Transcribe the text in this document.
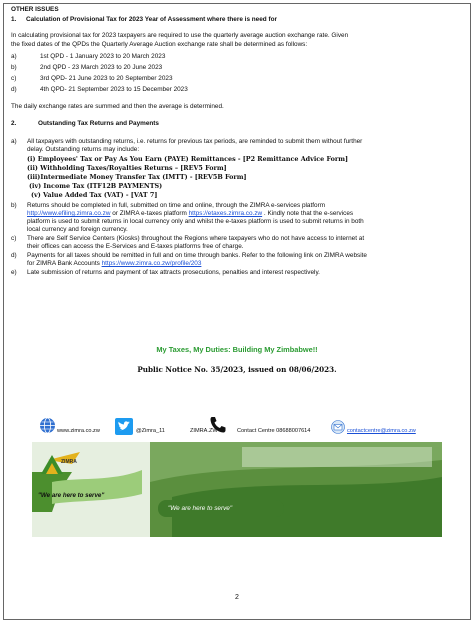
OTHER ISSUES
1. Calculation of Provisional Tax for 2023 Year of Assessment where there is need for
In calculating provisional tax for 2023 taxpayers are required to use the quarterly average auction exchange rate. Given
the fixed dates of the QPDs the Quarterly Average Auction exchange rate shall be determined as follows:
a)	1st QPD - 1 January 2023 to 20 March 2023
b)	2nd QPD - 23 March 2023 to 20 June 2023
c)	3rd QPD- 21 June 2023 to 20 September 2023
d)	4th QPD- 21 September 2023 to 15 December 2023
The daily exchange rates are summed and then the average is determined.
2.	Outstanding Tax Returns and Payments
a) All taxpayers with outstanding returns, i.e. returns for previous tax periods, are reminded to submit them without further
delay. Outstanding returns may include:
(i) Employees' Tax or Pay As You Earn (PAYE) Remittances - [P2 Remittance Advice Form]
(ii) Withholding Taxes/Royalties Returns – [REV5 Form]
(iii)Intermediate Money Transfer Tax (IMTT) - [REV5B Form]
(iv) Income Tax (ITF12B PAYMENTS)
(v) Value Added Tax (VAT) - [VAT 7]
b) Returns should be completed in full, submitted on time and online, through the ZIMRA e-services platform
http://www.efiling.zimra.co.zw or ZIMRA e-taxes platform https://etaxes.zimra.co.zw . Kindly note that the e-services
platform is used to submit returns in local currency only and whilst the e-taxes platform is used to submit returns in both
local currency and foreign currency.
c) There are Self Service Centers (Kiosks) throughout the Regions where taxpayers who do not have access to internet at
their offices can access the E-Services and E-taxes platforms free of charge.
d) Payments for all taxes should be remitted in full and on time through banks. Refer to the following link on ZIMRA website
for ZIMRA Bank Accounts https://www.zimra.co.zw/profile/203
e) Late submission of returns and payment of tax attracts prosecutions, penalties and interest respectively.
My Taxes, My Duties: Building My Zimbabwe!!
Public Notice No. 35/2023, issued on 08/06/2023.
www.zimra.co.zw	@Zimra_11	ZIMRA.ZW	Contact Centre 08688007614	contactcentre@zimra.co.zw
ZIMRA
"We are here to serve"
"We are here to serve"
2
